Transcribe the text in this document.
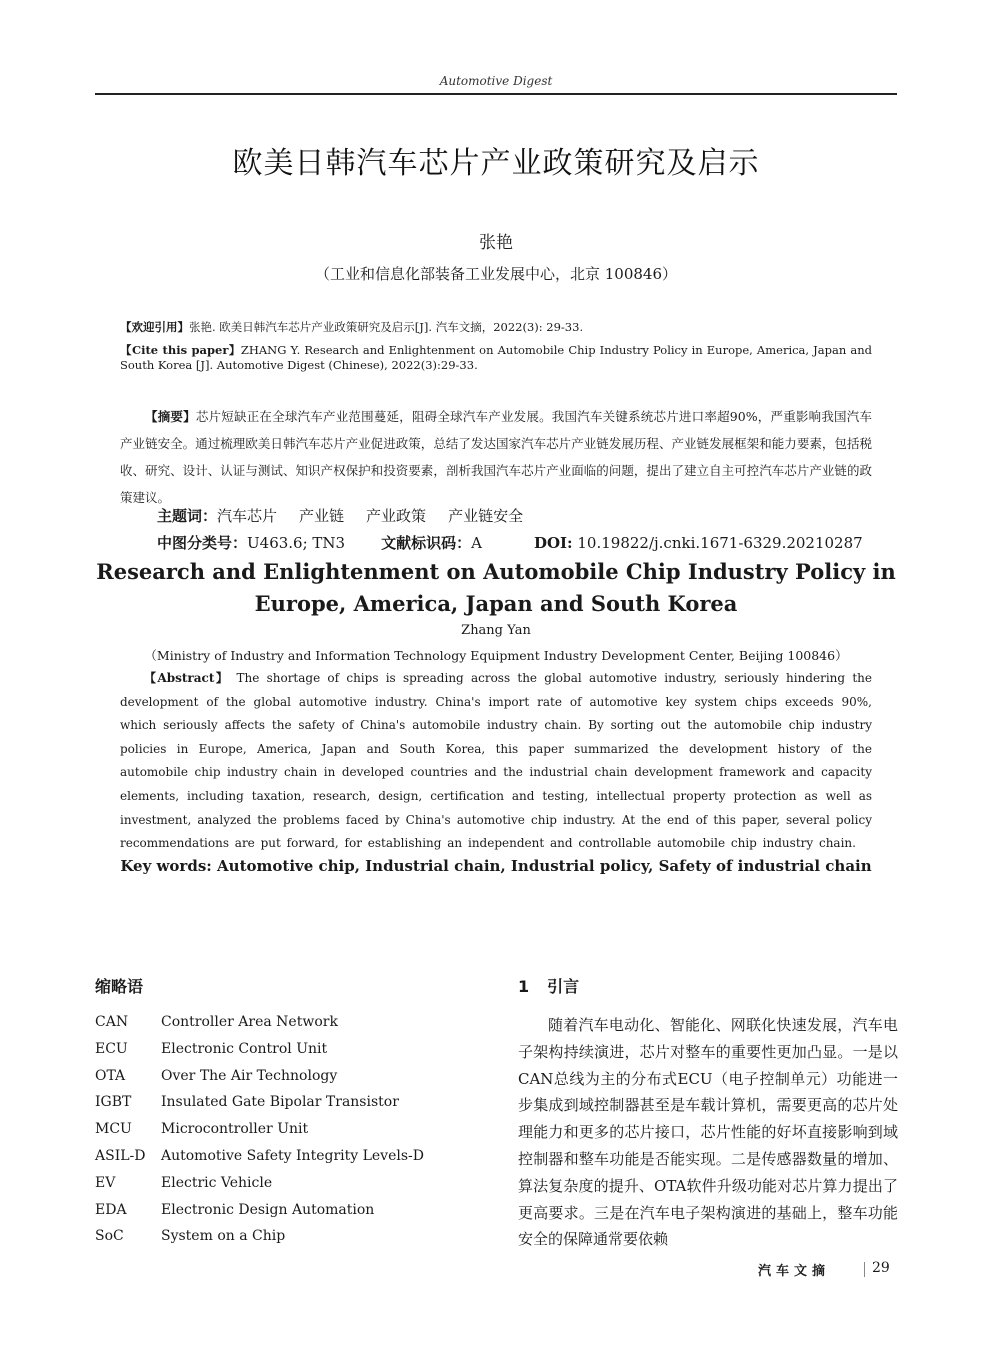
Automotive Digest
欧美日韩汽车芯片产业政策研究及启示
张艳
（工业和信息化部装备工业发展中心，北京 100846）
【欢迎引用】张艳. 欧美日韩汽车芯片产业政策研究及启示[J]. 汽车文摘，2022(3): 29-33.
【Cite this paper】ZHANG Y. Research and Enlightenment on Automobile Chip Industry Policy in Europe, America, Japan and South Korea [J]. Automotive Digest (Chinese), 2022(3):29-33.
【摘要】芯片短缺正在全球汽车产业范围蔓延，阻碍全球汽车产业发展。我国汽车关键系统芯片进口率超90%，严重影响我国汽车产业链安全。通过梳理欧美日韩汽车芯片产业促进政策，总结了发达国家汽车芯片产业链发展历程、产业链发展框架和能力要素，包括税收、研究、设计、认证与测试、知识产权保护和投资要素，剖析我国汽车芯片产业面临的问题，提出了建立自主可控汽车芯片产业链的政策建议。
主题词：汽车芯片 产业链 产业政策 产业链安全
中图分类号：U463.6; TN3 文献标识码：A	DOI: 10.19822/j.cnki.1671-6329.20210287
Research and Enlightenment on Automobile Chip Industry Policy in
Europe, America, Japan and South Korea
Zhang Yan
（Ministry of Industry and Information Technology Equipment Industry Development Center, Beijing 100846）
【Abstract】 The shortage of chips is spreading across the global automotive industry, seriously hindering the development of the global automotive industry. China's import rate of automotive key system chips exceeds 90%, which seriously affects the safety of China's automobile industry chain. By sorting out the automobile chip industry policies in Europe, America, Japan and South Korea, this paper summarized the development history of the automobile chip industry chain in developed countries and the industrial chain development framework and capacity elements, including taxation, research, design, certification and testing, intellectual property protection as well as investment, analyzed the problems faced by China's automotive chip industry. At the end of this paper, several policy recommendations are put forward, for establishing an independent and controllable automobile chip industry chain.
Key words: Automotive chip, Industrial chain, Industrial policy, Safety of industrial chain
缩略语
CAN	Controller Area Network
ECU	Electronic Control Unit
OTA	Over The Air Technology
IGBT	Insulated Gate Bipolar Transistor
MCU	Microcontroller Unit
ASIL-D	Automotive Safety Integrity Levels-D
EV	Electric Vehicle
EDA	Electronic Design Automation
SoC	System on a Chip
1 引言
随着汽车电动化、智能化、网联化快速发展，汽车电子架构持续演进，芯片对整车的重要性更加凸显。一是以CAN总线为主的分布式ECU（电子控制单元）功能进一步集成到域控制器甚至是车载计算机，需要更高的芯片处理能力和更多的芯片接口，芯片性能的好坏直接影响到域控制器和整车功能是否能实现。二是传感器数量的增加、算法复杂度的提升、OTA软件升级功能对芯片算力提出了更高要求。三是在汽车电子架构演进的基础上，整车功能安全的保障通常要依赖
汽车文摘	29
